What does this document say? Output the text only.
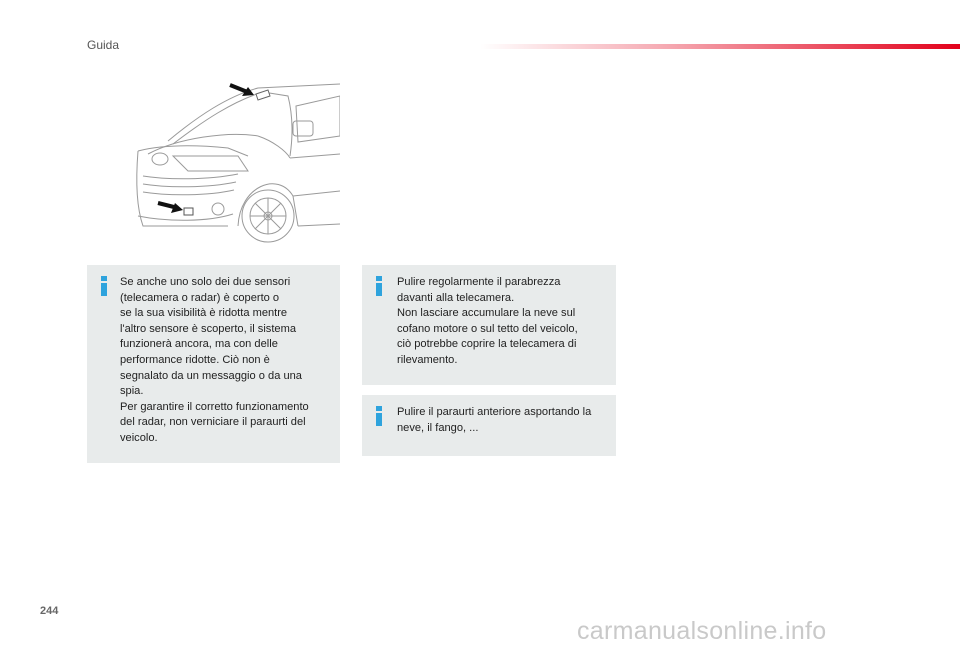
Guida
Se anche uno solo dei due sensori
(telecamera o radar) è coperto o
se la sua visibilità è ridotta mentre
l'altro sensore è scoperto, il sistema
funzionerà ancora, ma con delle
performance ridotte. Ciò non è
segnalato da un messaggio o da una
spia.
Per garantire il corretto funzionamento
del radar, non verniciare il paraurti del
veicolo.
Pulire regolarmente il parabrezza
davanti alla telecamera.
Non lasciare accumulare la neve sul
cofano motore o sul tetto del veicolo,
ciò potrebbe coprire la telecamera di
rilevamento.
Pulire il paraurti anteriore asportando la
neve, il fango, ...
244
carmanualsonline.info
